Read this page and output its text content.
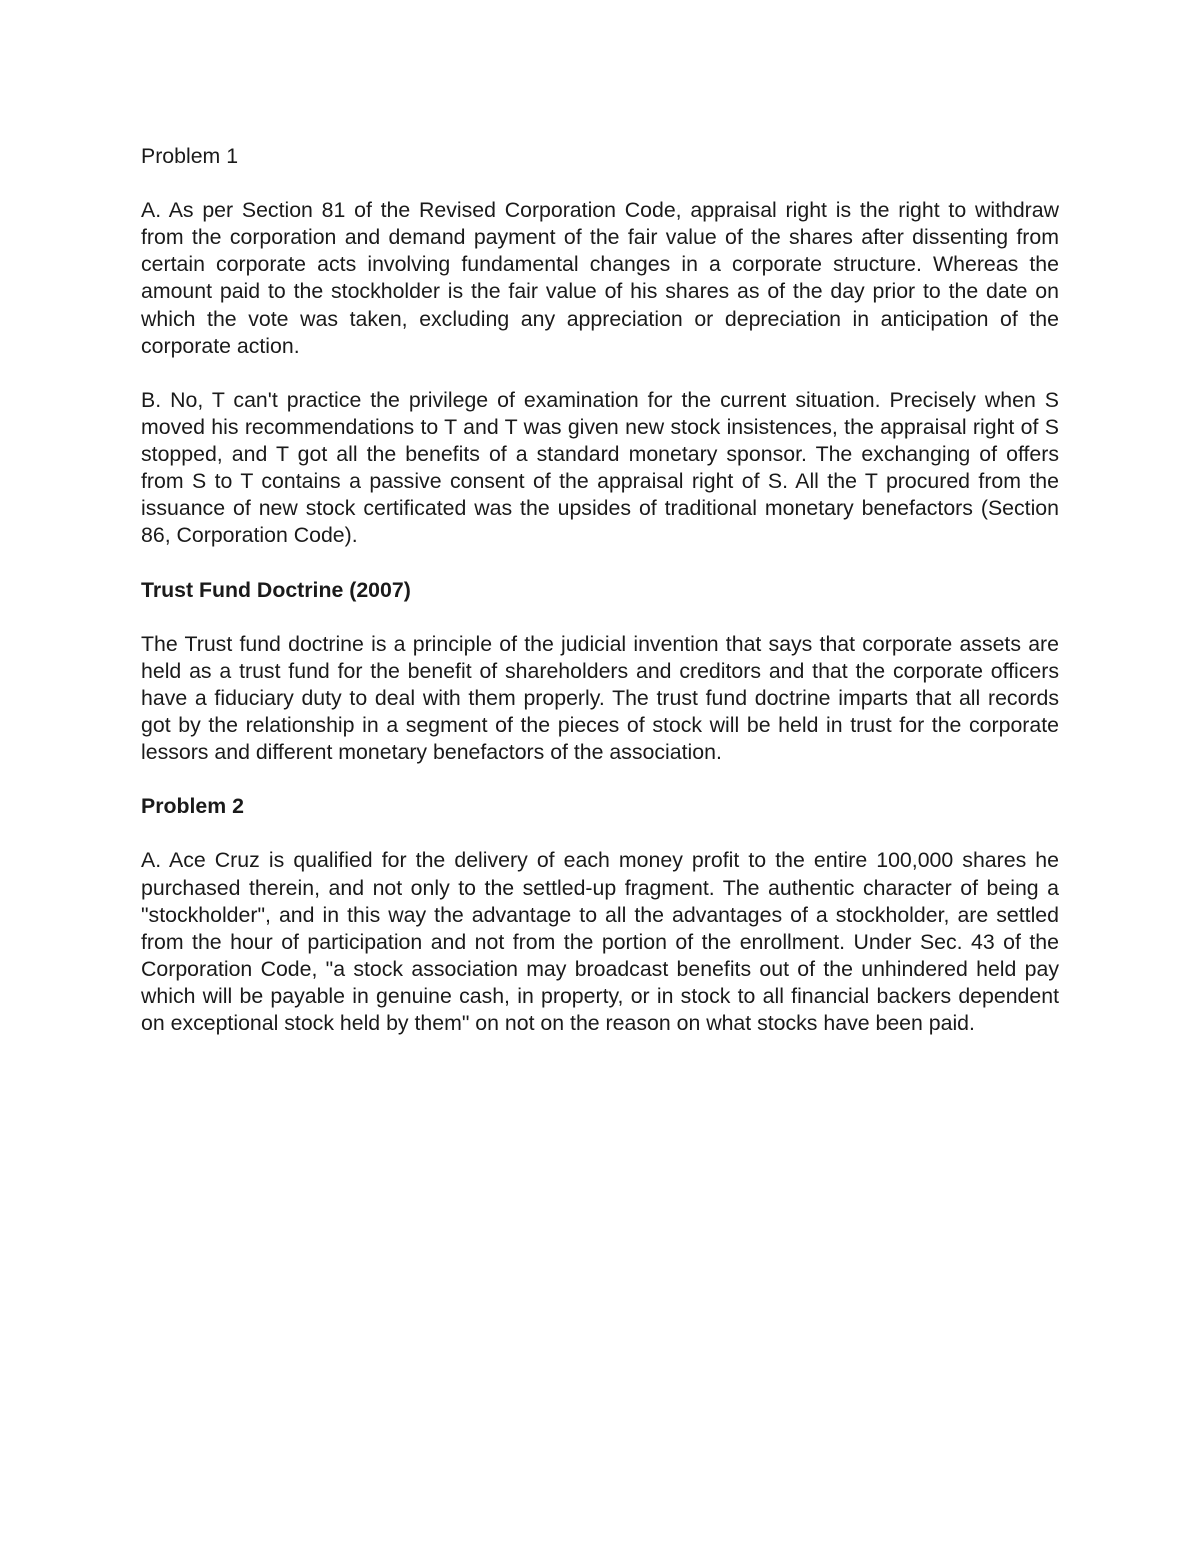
Problem 1

A. As per Section 81 of the Revised Corporation Code, appraisal right is the right to withdraw from the corporation and demand payment of the fair value of the shares after dissenting from certain corporate acts involving fundamental changes in a corporate structure. Whereas the amount paid to the stockholder is the fair value of his shares as of the day prior to the date on which the vote was taken, excluding any appreciation or depreciation in anticipation of the corporate action.

B. No, T can't practice the privilege of examination for the current situation. Precisely when S moved his recommendations to T and T was given new stock insistences, the appraisal right of S stopped, and T got all the benefits of a standard monetary sponsor. The exchanging of offers from S to T contains a passive consent of the appraisal right of S. All the T procured from the issuance of new stock certificated was the upsides of traditional monetary benefactors (Section 86, Corporation Code).

Trust Fund Doctrine (2007)

The Trust fund doctrine is a principle of the judicial invention that says that corporate assets are held as a trust fund for the benefit of shareholders and creditors and that the corporate officers have a fiduciary duty to deal with them properly. The trust fund doctrine imparts that all records got by the relationship in a segment of the pieces of stock will be held in trust for the corporate lessors and different monetary benefactors of the association.

Problem 2

A. Ace Cruz is qualified for the delivery of each money profit to the entire 100,000 shares he purchased therein, and not only to the settled-up fragment. The authentic character of being a "stockholder", and in this way the advantage to all the advantages of a stockholder, are settled from the hour of participation and not from the portion of the enrollment. Under Sec. 43 of the Corporation Code, "a stock association may broadcast benefits out of the unhindered held pay which will be payable in genuine cash, in property, or in stock to all financial backers dependent on exceptional stock held by them" on not on the reason on what stocks have been paid.
